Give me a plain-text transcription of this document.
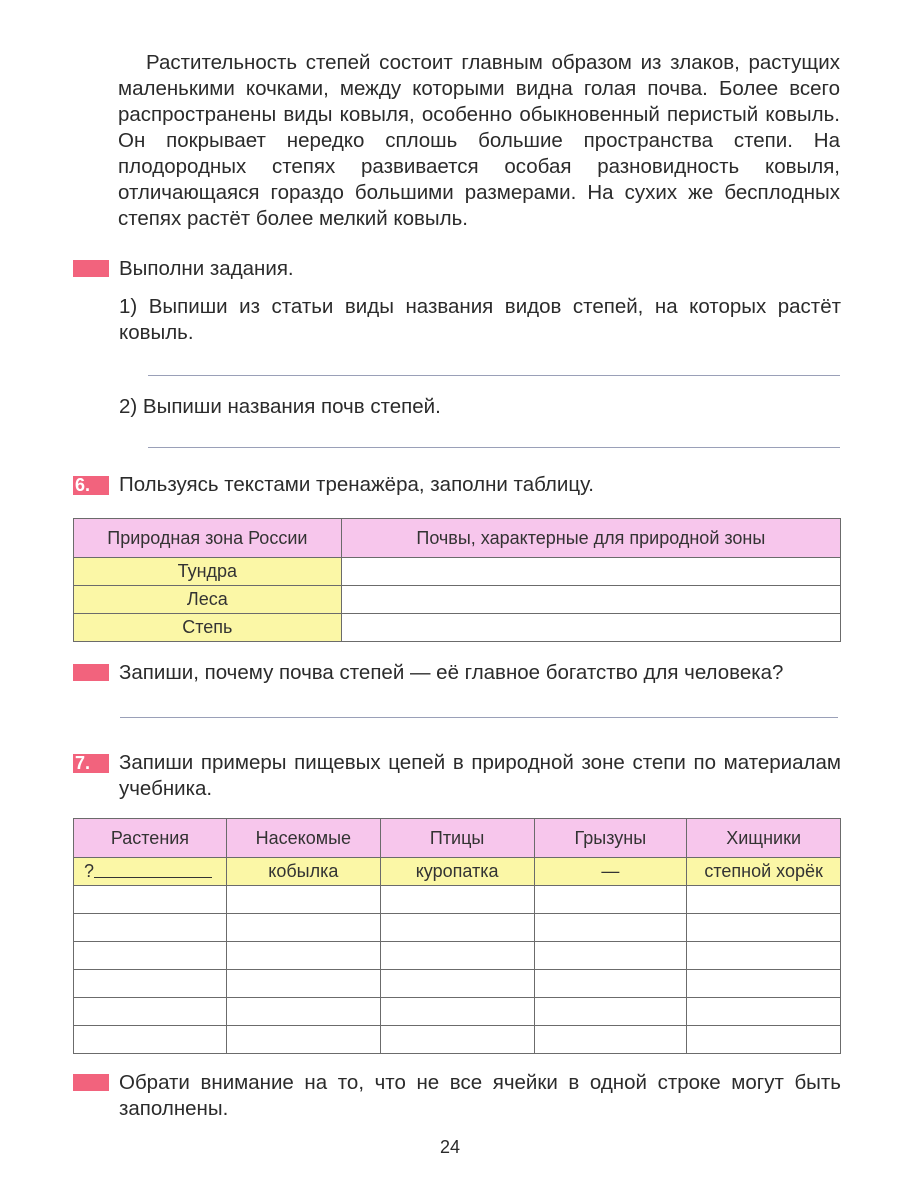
Растительность степей состоит главным образом из злаков, растущих маленькими кочками, между которыми видна голая почва. Более всего распространены виды ковыля, особенно обыкновенный перистый ковыль. Он покрывает нередко сплошь большие пространства степи. На плодородных степях развивается особая разновидность ковыля, отличающаяся гораздо большими размерами. На сухих же бесплодных степях растёт более мелкий ковыль.

Выполни задания.
1) Выпиши из статьи виды названия видов степей, на которых растёт ковыль.
2) Выпиши названия почв степей.
6.	Пользуясь текстами тренажёра, заполни таблицу.
Природная зона России	Почвы, характерные для природной зоны
Тундра	
Леса	
Степь	
Запиши, почему почва степей — её главное богатство для человека?
7.	Запиши примеры пищевых цепей в природной зоне степи по материалам учебника.
Растения	Насекомые	Птицы	Грызуны	Хищники
?	кобылка	куропатка	—	степной хорёк

Обрати внимание на то, что не все ячейки в одной строке могут быть заполнены.
24
